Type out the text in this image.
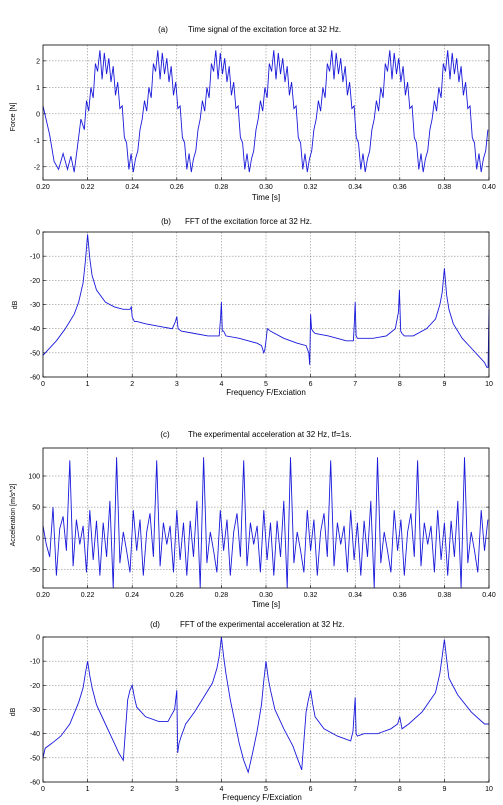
(a)	Time signal of the excitation force at 32 Hz.
0.20	0.22	0.24	0.26	0.28	0.30	0.32	0.34	0.36	0.38	0.40
-2
-1
0
1
2
Time [s]
Force [N]
(b) FFT of the excitation force at 32 Hz.
0	1	2	3	4	5	6	7	8	9	10
0
-10
-20
-30
-40
-50
-60
Frequency F/Exciation
dB
(c) The experimental acceleration at 32 Hz, tf=1s.
0.20	0.22	0.24	0.26	0.28	0.30	0.32	0.34	0.36	0.38	0.40
-50
0
50
100
Time [s]
Acceleration [m/s^2]
(d)	FFT of the experimental acceleration at 32 Hz.
0	1	2	3	4	5	6	7	8	9	10
0
-10
-20
-30
-40
-50
-60
Frequency F/Exciation
dB
